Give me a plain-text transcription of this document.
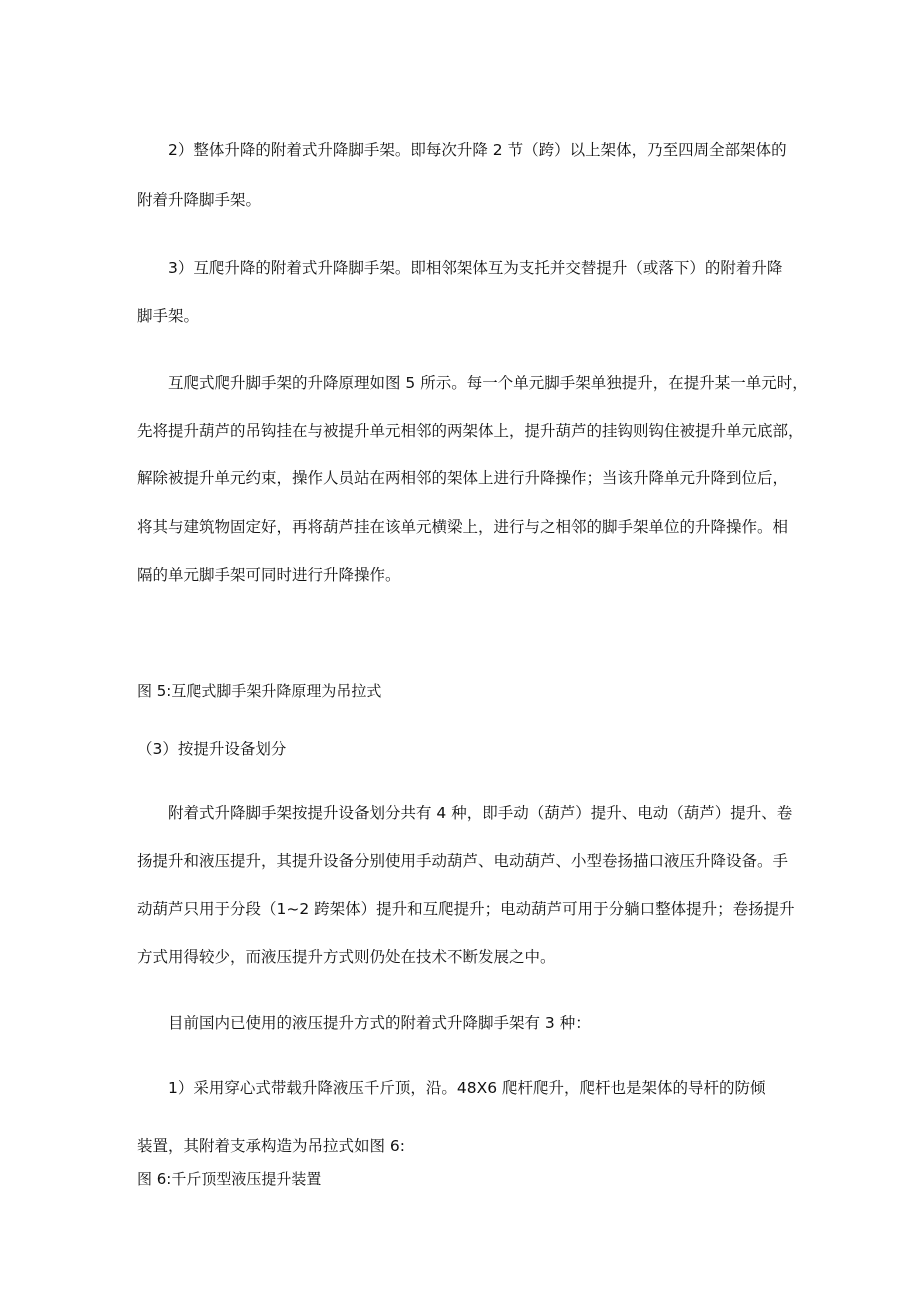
2）整体升降的附着式升降脚手架。即每次升降 2 节（跨）以上架体，乃至四周全部架体的

附着升降脚手架。

3）互爬升降的附着式升降脚手架。即相邻架体互为支托并交替提升（或落下）的附着升降

脚手架。

互爬式爬升脚手架的升降原理如图 5 所示。每一个单元脚手架单独提升，在提升某一单元时，

先将提升葫芦的吊钩挂在与被提升单元相邻的两架体上，提升葫芦的挂钩则钩住被提升单元底部，

解除被提升单元约束，操作人员站在两相邻的架体上进行升降操作；当该升降单元升降到位后，

将其与建筑物固定好，再将葫芦挂在该单元横梁上，进行与之相邻的脚手架单位的升降操作。相

隔的单元脚手架可同时进行升降操作。

图 5:互爬式脚手架升降原理为吊拉式

（3）按提升设备划分

附着式升降脚手架按提升设备划分共有 4 种，即手动（葫芦）提升、电动（葫芦）提升、卷

扬提升和液压提升，其提升设备分别使用手动葫芦、电动葫芦、小型卷扬描口液压升降设备。手

动葫芦只用于分段（1~2 跨架体）提升和互爬提升；电动葫芦可用于分躺口整体提升；卷扬提升

方式用得较少，而液压提升方式则仍处在技术不断发展之中。

目前国内已使用的液压提升方式的附着式升降脚手架有 3 种：

1）采用穿心式带载升降液压千斤顶，沿。48X6 爬杆爬升，爬杆也是架体的导杆的防倾

装置，其附着支承构造为吊拉式如图 6:

图 6:千斤顶型液压提升装置
